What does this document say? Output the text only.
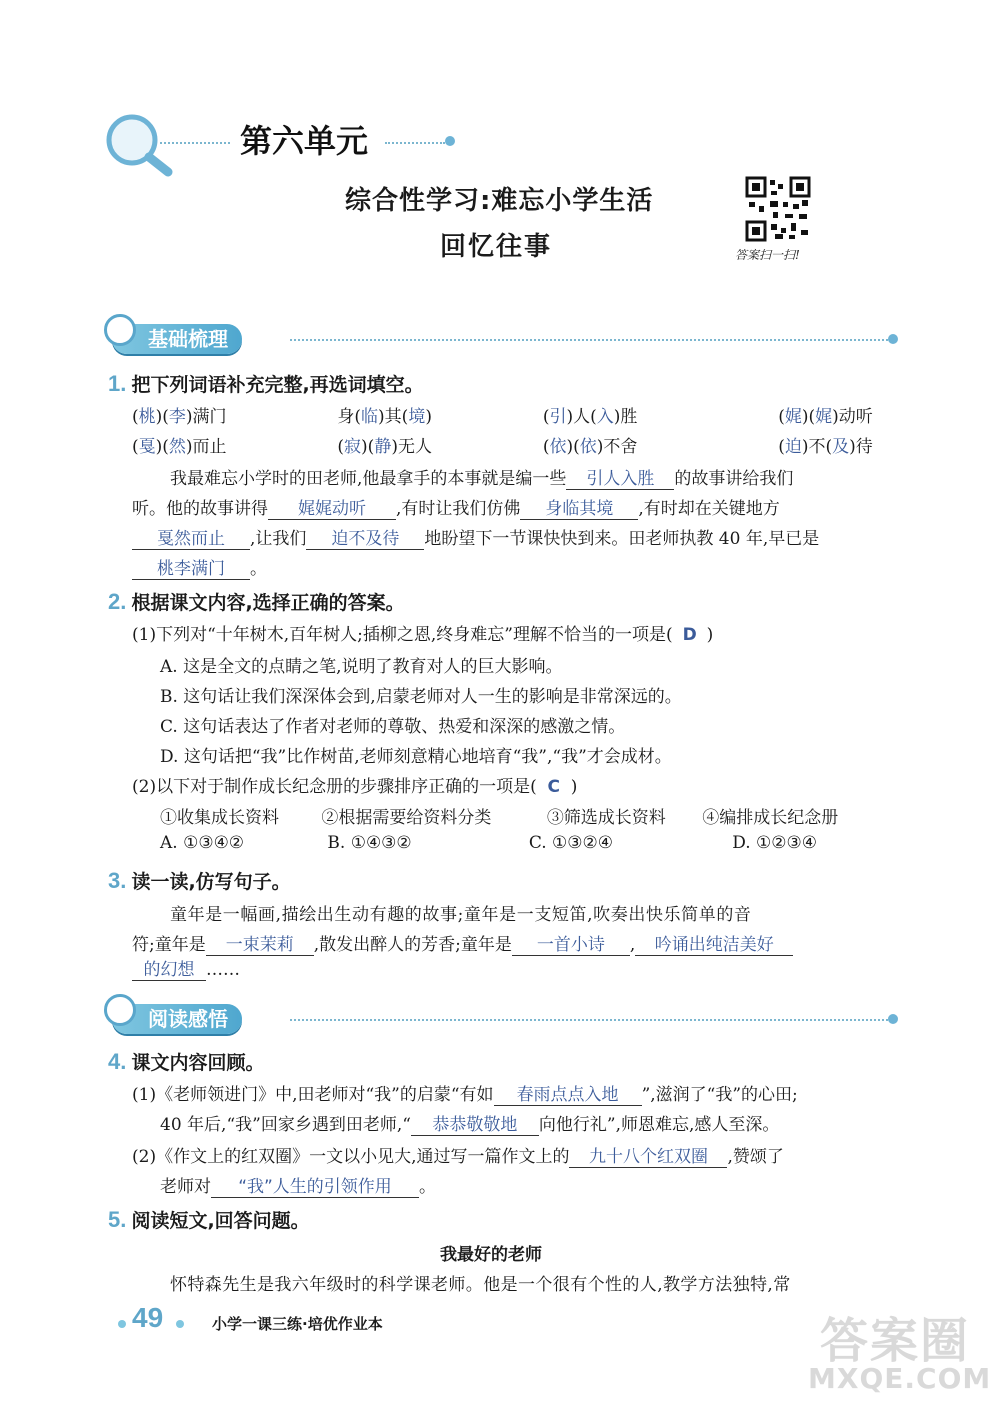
第六单元
综合性学习:难忘小学生活
回忆往事	答案扫一扫!
基础梳理
1. 把下列词语补充完整,再选词填空。
(桃)(李)满门	身(临)其(境)	(引)人(入)胜	(娓)(娓)动听
(戛)(然)而止	(寂)(静)无人	(依)(依)不舍	(迫)不(及)待
我最难忘小学时的田老师,他最拿手的本事就是编一些 引人入胜 的故事讲给我们
听。他的故事讲得 娓娓动听 ,有时让我们仿佛 身临其境 ,有时却在关键地方
戛然而止 ,让我们 迫不及待 地盼望下一节课快快到来。田老师执教 40 年,早已是
桃李满门 。
2. 根据课文内容,选择正确的答案。
(1)下列对“十年树木,百年树人;插柳之恩,终身难忘”理解不恰当的一项是( D )
A. 这是全文的点睛之笔,说明了教育对人的巨大影响。
B. 这句话让我们深深体会到,启蒙老师对人一生的影响是非常深远的。
C. 这句话表达了作者对老师的尊敬、热爱和深深的感激之情。
D. 这句话把“我”比作树苗,老师刻意精心地培育“我”,“我”才会成材。
(2)以下对于制作成长纪念册的步骤排序正确的一项是( C )
①收集成长资料 ②根据需要给资料分类	③筛选成长资料 ④编排成长纪念册
A. ①③④②	B. ①④③②	C. ①③②④	D. ①②③④
3. 读一读,仿写句子。
童年是一幅画,描绘出生动有趣的故事;童年是一支短笛,吹奏出快乐简单的音
符;童年是 一束茉莉 ,散发出醉人的芳香;童年是 一首小诗 , 吟诵出纯洁美好
的幻想 ……
阅读感悟
4. 课文内容回顾。
(1)《老师领进门》中,田老师对“我”的启蒙“有如 春雨点点入地 ”,滋润了“我”的心田;
40 年后,“我”回家乡遇到田老师,“ 恭恭敬敬地 向他行礼”,师恩难忘,感人至深。
(2)《作文上的红双圈》一文以小见大,通过写一篇作文上的 九十八个红双圈 ,赞颂了
老师对 “我”人生的引领作用 。
5. 阅读短文,回答问题。
我最好的老师
怀特森先生是我六年级时的科学课老师。他是一个很有个性的人,教学方法独特,常
49	小学一课三练·培优作业本	答案圈
MXQE.COM
